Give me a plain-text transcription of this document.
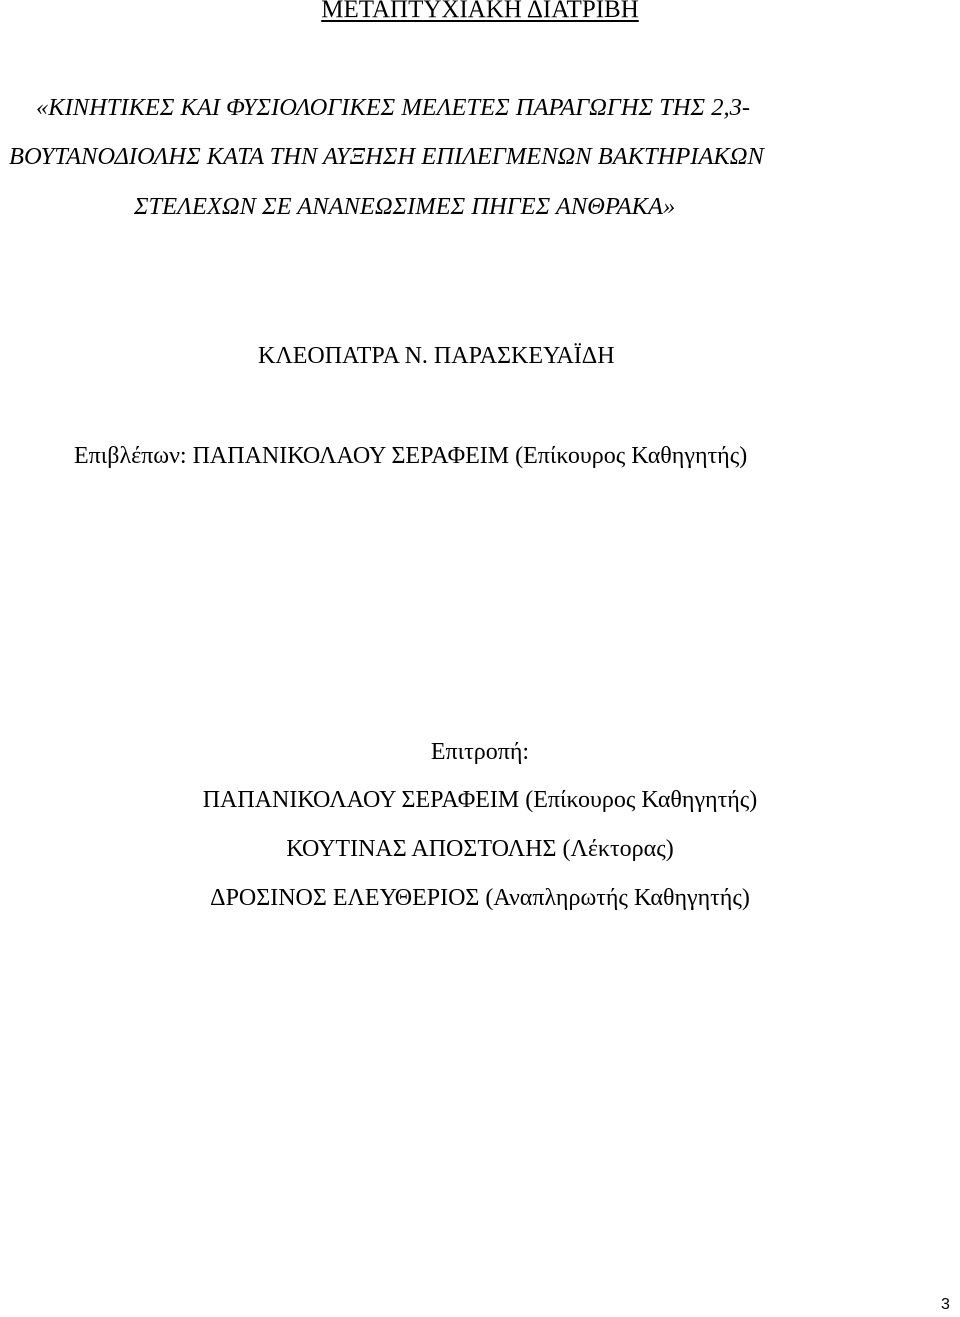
ΜΕΤΑΠΤΥΧΙΑΚΗ ΔΙΑΤΡΙΒΗ

«ΚΙΝΗΤΙΚΕΣ ΚΑΙ ΦΥΣΙΟΛΟΓΙΚΕΣ ΜΕΛΕΤΕΣ ΠΑΡΑΓΩΓΗΣ ΤΗΣ 2,3-

ΒΟΥΤΑΝΟΔΙΟΛΗΣ ΚΑΤΑ ΤΗΝ ΑΥΞΗΣΗ ΕΠΙΛΕΓΜΕΝΩΝ ΒΑΚΤΗΡΙΑΚΩΝ

ΣΤΕΛΕΧΩΝ ΣΕ ΑΝΑΝΕΩΣΙΜΕΣ ΠΗΓΕΣ ΑΝΘΡΑΚΑ»

ΚΛΕΟΠΑΤΡΑ Ν. ΠΑΡΑΣΚΕΥΑΪΔΗ

Επιβλέπων: ΠΑΠΑΝΙΚΟΛΑΟΥ ΣΕΡΑΦΕΙΜ (Επίκουρος Καθηγητής)

Επιτροπή:

ΠΑΠΑΝΙΚΟΛΑΟΥ ΣΕΡΑΦΕΙΜ (Επίκουρος Καθηγητής)

ΚΟΥΤΙΝΑΣ ΑΠΟΣΤΟΛΗΣ (Λέκτορας)

ΔΡΟΣΙΝΟΣ ΕΛΕΥΘΕΡΙΟΣ (Αναπληρωτής Καθηγητής)

3
